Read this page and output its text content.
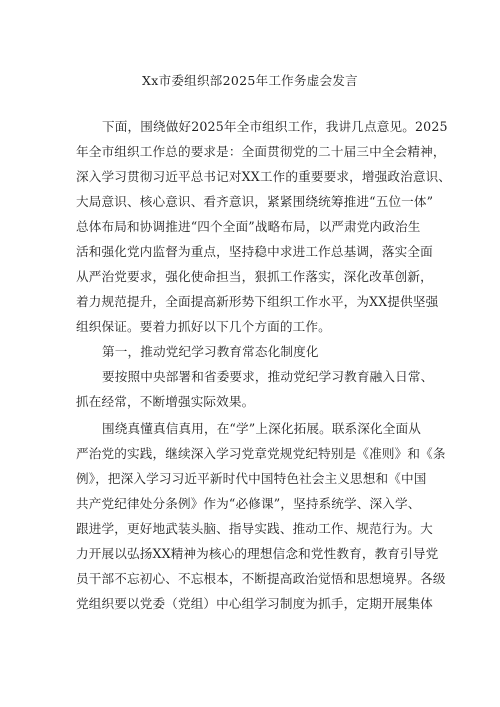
Xx市委组织部2025年工作务虚会发言
下面，围绕做好2025年全市组织工作，我讲几点意见。2025
年全市组织工作总的要求是：全面贯彻党的二十届三中全会精神，
深入学习贯彻习近平总书记对XX工作的重要要求，增强政治意识、
大局意识、核心意识、看齐意识，紧紧围绕统筹推进“五位一体”
总体布局和协调推进“四个全面”战略布局，以严肃党内政治生
活和强化党内监督为重点，坚持稳中求进工作总基调，落实全面
从严治党要求，强化使命担当，狠抓工作落实，深化改革创新，
着力规范提升，全面提高新形势下组织工作水平，为XX提供坚强
组织保证。要着力抓好以下几个方面的工作。
第一，推动党纪学习教育常态化制度化
要按照中央部署和省委要求，推动党纪学习教育融入日常、
抓在经常，不断增强实际效果。
围绕真懂真信真用，在“学”上深化拓展。联系深化全面从
严治党的实践，继续深入学习党章党规党纪特别是《准则》和《条
例》，把深入学习习近平新时代中国特色社会主义思想和《中国
共产党纪律处分条例》作为“必修课”，坚持系统学、深入学、
跟进学，更好地武装头脑、指导实践、推动工作、规范行为。大
力开展以弘扬XX精神为核心的理想信念和党性教育，教育引导党
员干部不忘初心、不忘根本，不断提高政治觉悟和思想境界。各级
党组织要以党委（党组）中心组学习制度为抓手，定期开展集体
